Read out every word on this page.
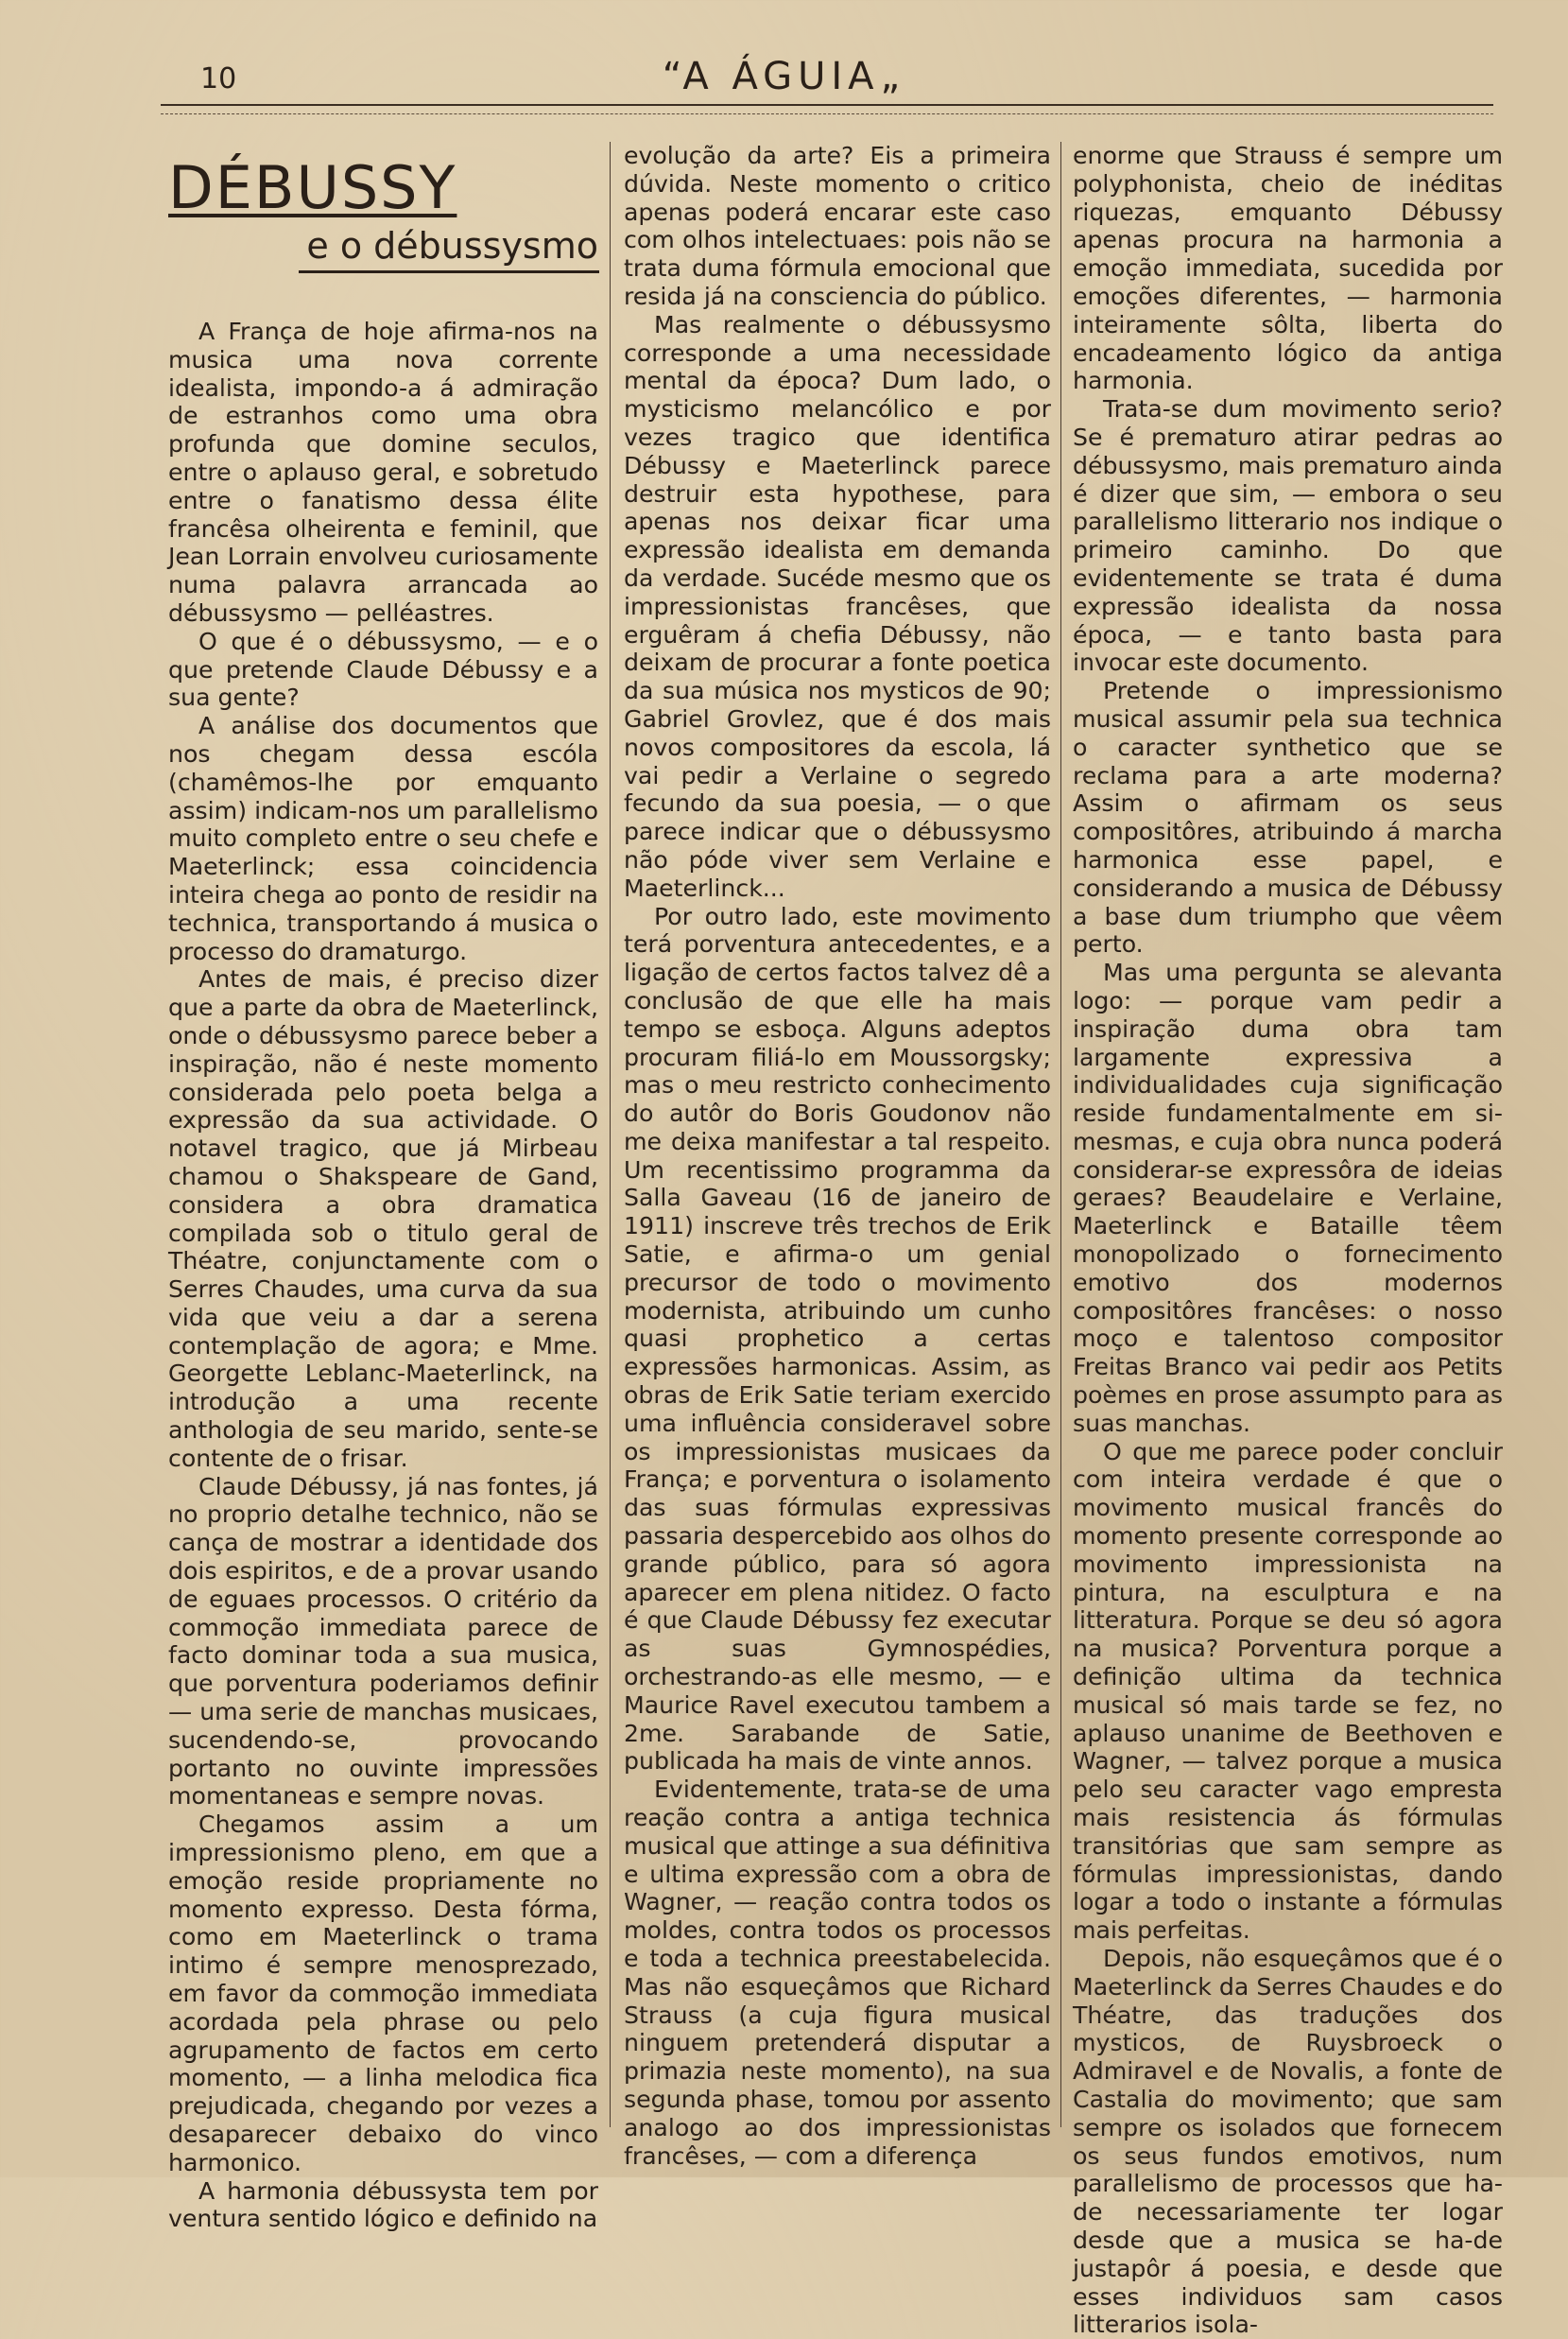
10	“A ÁGUIA„
DÉBUSSY
e o débussysmo

A França de hoje afirma-nos na musica uma nova corrente idealista, impondo-a á admiração de estranhos como uma obra profunda que domine seculos, entre o aplauso geral, e sobretudo entre o fanatismo dessa élite francêsa olheirenta e feminil, que Jean Lorrain envolveu curiosamente numa palavra arrancada ao débussysmo — pelléastres.

O que é o débussysmo, — e o que pretende Claude Débussy e a sua gente?

A análise dos documentos que nos chegam dessa escóla (chamêmos-lhe por emquanto assim) indicam-nos um parallelismo muito completo entre o seu chefe e Maeterlinck; essa coincidencia inteira chega ao ponto de residir na technica, transportando á musica o processo do dramaturgo.

Antes de mais, é preciso dizer que a parte da obra de Maeterlinck, onde o débussysmo parece beber a inspiração, não é neste momento considerada pelo poeta belga a expressão da sua actividade. O notavel tragico, que já Mirbeau chamou o Shakspeare de Gand, considera a obra dramatica compilada sob o titulo geral de Théatre, conjunctamente com o Serres Chaudes, uma curva da sua vida que veiu a dar a serena contemplação de agora; e Mme. Georgette Leblanc-Maeterlinck, na introdução a uma recente anthologia de seu marido, sente-se contente de o frisar.

Claude Débussy, já nas fontes, já no proprio detalhe technico, não se cança de mostrar a identidade dos dois espiritos, e de a provar usando de eguaes processos. O critério da commoção immediata parece de facto dominar toda a sua musica, que porventura poderiamos definir — uma serie de manchas musicaes, sucendendo-se, provocando portanto no ouvinte impressões momentaneas e sempre novas.

Chegamos assim a um impressionismo pleno, em que a emoção reside propriamente no momento expresso. Desta fórma, como em Maeterlinck o trama intimo é sempre menosprezado, em favor da commoção immediata acordada pela phrase ou pelo agrupamento de factos em certo momento, — a linha melodica fica prejudicada, chegando por vezes a desaparecer debaixo do vinco harmonico.

A harmonia débussysta tem por ventura sentido lógico e definido na

evolução da arte? Eis a primeira dúvida. Neste momento o critico apenas poderá encarar este caso com olhos intelectuaes: pois não se trata duma fórmula emocional que resida já na consciencia do público.

Mas realmente o débussysmo corresponde a uma necessidade mental da época? Dum lado, o mysticismo melancólico e por vezes tragico que identifica Débussy e Maeterlinck parece destruir esta hypothese, para apenas nos deixar ficar uma expressão idealista em demanda da verdade. Sucéde mesmo que os impressionistas francêses, que erguêram á chefia Débussy, não deixam de procurar a fonte poetica da sua música nos mysticos de 90; Gabriel Grovlez, que é dos mais novos compositores da escola, lá vai pedir a Verlaine o segredo fecundo da sua poesia, — o que parece indicar que o débussysmo não póde viver sem Verlaine e Maeterlinck...

Por outro lado, este movimento terá porventura antecedentes, e a ligação de certos factos talvez dê a conclusão de que elle ha mais tempo se esboça. Alguns adeptos procuram filiá-lo em Moussorgsky; mas o meu restricto conhecimento do autôr do Boris Goudonov não me deixa manifestar a tal respeito. Um recentissimo programma da Salla Gaveau (16 de janeiro de 1911) inscreve três trechos de Erik Satie, e afirma-o um genial precursor de todo o movimento modernista, atribuindo um cunho quasi prophetico a certas expressões harmonicas. Assim, as obras de Erik Satie teriam exercido uma influência consideravel sobre os impressionistas musicaes da França; e porventura o isolamento das suas fórmulas expressivas passaria despercebido aos olhos do grande público, para só agora aparecer em plena nitidez. O facto é que Claude Débussy fez executar as suas Gymnospédies, orchestrando-as elle mesmo, — e Maurice Ravel executou tambem a 2me. Sarabande de Satie, publicada ha mais de vinte annos.

Evidentemente, trata-se de uma reação contra a antiga technica musical que attinge a sua définitiva e ultima expressão com a obra de Wagner, — reação contra todos os moldes, contra todos os processos e toda a technica preestabelecida. Mas não esqueçâmos que Richard Strauss (a cuja figura musical ninguem pretenderá disputar a primazia neste momento), na sua segunda phase, tomou por assento analogo ao dos impressionistas francêses, — com a diferença

enorme que Strauss é sempre um polyphonista, cheio de inéditas riquezas, emquanto Débussy apenas procura na harmonia a emoção immediata, sucedida por emoções diferentes, — harmonia inteiramente sôlta, liberta do encadeamento lógico da antiga harmonia.

Trata-se dum movimento serio? Se é prematuro atirar pedras ao débussysmo, mais prematuro ainda é dizer que sim, — embora o seu parallelismo litterario nos indique o primeiro caminho. Do que evidentemente se trata é duma expressão idealista da nossa época, — e tanto basta para invocar este documento.

Pretende o impressionismo musical assumir pela sua technica o caracter synthetico que se reclama para a arte moderna? Assim o afirmam os seus compositôres, atribuindo á marcha harmonica esse papel, e considerando a musica de Débussy a base dum triumpho que vêem perto.

Mas uma pergunta se alevanta logo: — porque vam pedir a inspiração duma obra tam largamente expressiva a individualidades cuja significação reside fundamentalmente em si-mesmas, e cuja obra nunca poderá considerar-se expressôra de ideias geraes? Beaudelaire e Verlaine, Maeterlinck e Bataille têem monopolizado o fornecimento emotivo dos modernos compositôres francêses: o nosso moço e talentoso compositor Freitas Branco vai pedir aos Petits poèmes en prose assumpto para as suas manchas.

O que me parece poder concluir com inteira verdade é que o movimento musical francês do momento presente corresponde ao movimento impressionista na pintura, na esculptura e na litteratura. Porque se deu só agora na musica? Porventura porque a definição ultima da technica musical só mais tarde se fez, no aplauso unanime de Beethoven e Wagner, — talvez porque a musica pelo seu caracter vago empresta mais resistencia ás fórmulas transitórias que sam sempre as fórmulas impressionistas, dando logar a todo o instante a fórmulas mais perfeitas.

Depois, não esqueçâmos que é o Maeterlinck da Serres Chaudes e do Théatre, das traduções dos mysticos, de Ruysbroeck o Admiravel e de Novalis, a fonte de Castalia do movimento; que sam sempre os isolados que fornecem os seus fundos emotivos, num parallelismo de processos que ha-de necessariamente ter logar desde que a musica se ha-de justapôr á poesia, e desde que esses individuos sam casos litterarios isola-
